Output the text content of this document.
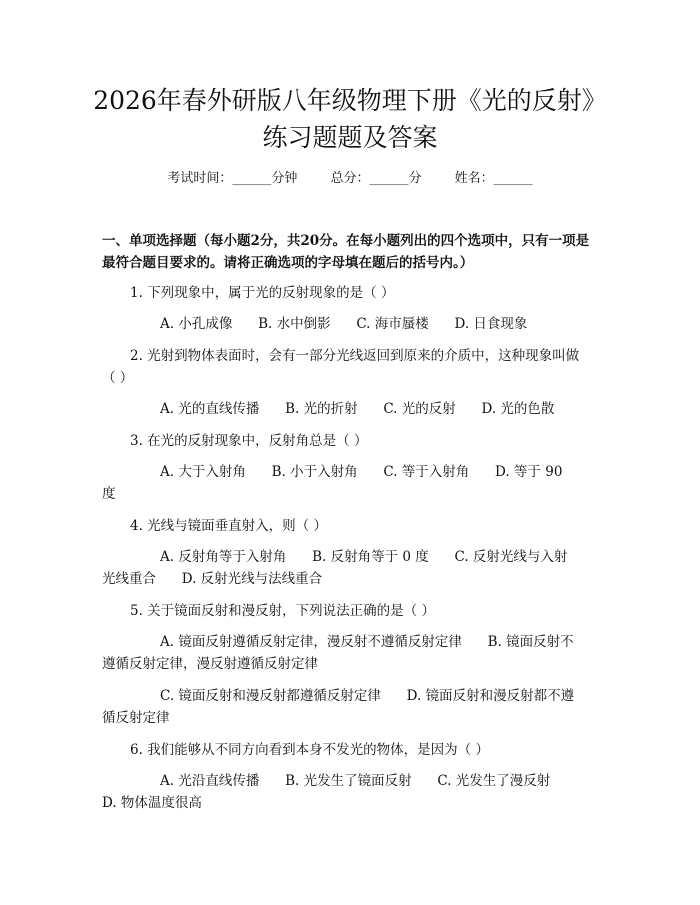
2026年春外研版八年级物理下册《光的反射》练习题题及答案
考试时间：______分钟	总分：______分	姓名：______
一、单项选择题（每小题2分，共20分。在每小题列出的四个选项中，只有一项是最符合题目要求的。请将正确选项的字母填在题后的括号内。）
1. 下列现象中，属于光的反射现象的是（ ）
A. 小孔成像      B. 水中倒影      C. 海市蜃楼      D. 日食现象
2. 光射到物体表面时，会有一部分光线返回到原来的介质中，这种现象叫做
（ ）
A. 光的直线传播      B. 光的折射      C. 光的反射      D. 光的色散
3. 在光的反射现象中，反射角总是（ ）
A. 大于入射角      B. 小于入射角      C. 等于入射角      D. 等于 90
度
4. 光线与镜面垂直射入，则（ ）
A. 反射角等于入射角      B. 反射角等于 0 度      C. 反射光线与入射
光线重合      D. 反射光线与法线重合
5. 关于镜面反射和漫反射，下列说法正确的是（ ）
A. 镜面反射遵循反射定律，漫反射不遵循反射定律      B. 镜面反射不
遵循反射定律，漫反射遵循反射定律
C. 镜面反射和漫反射都遵循反射定律      D. 镜面反射和漫反射都不遵
循反射定律
6. 我们能够从不同方向看到本身不发光的物体，是因为（ ）
A. 光沿直线传播      B. 光发生了镜面反射      C. 光发生了漫反射
D. 物体温度很高
